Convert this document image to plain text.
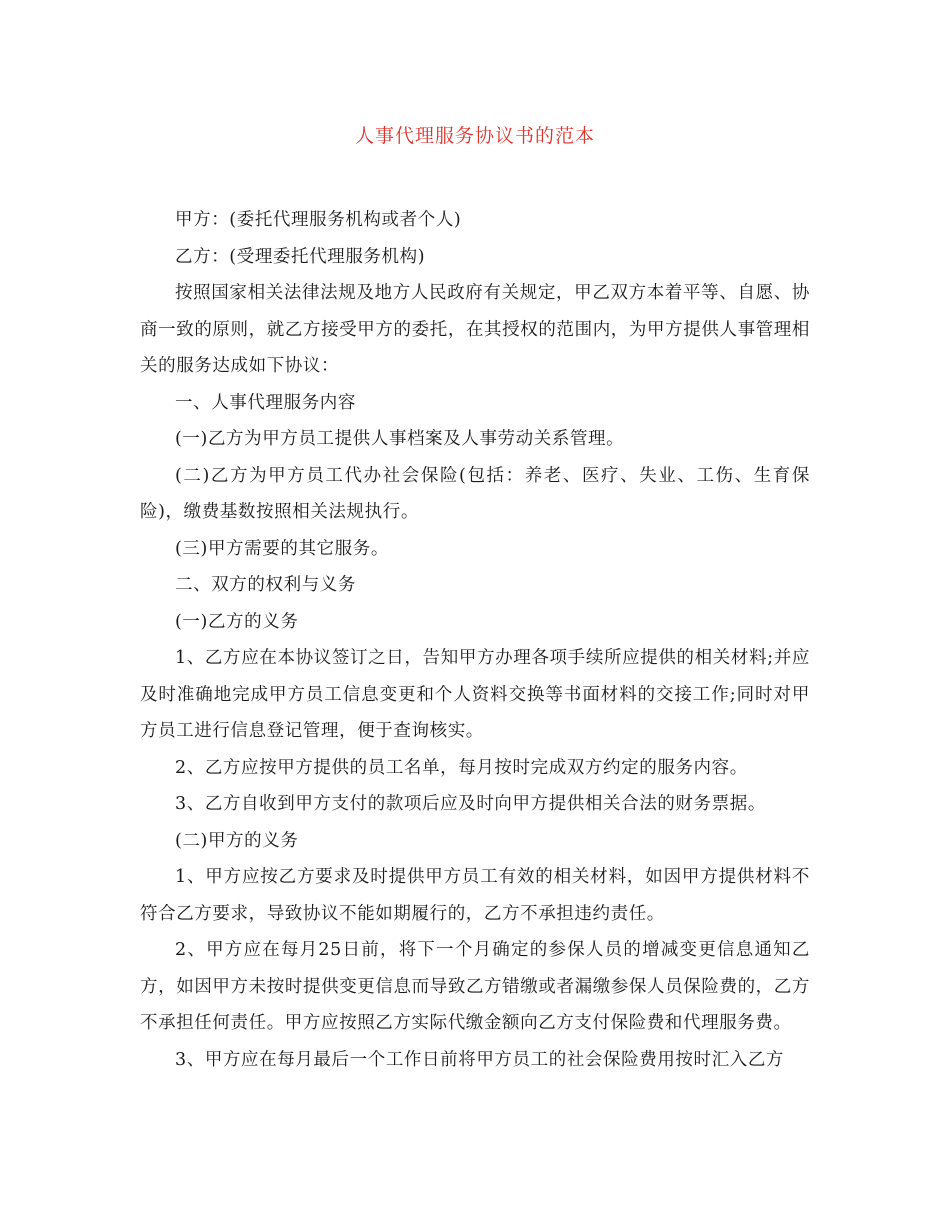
人事代理服务协议书的范本

甲方：(委托代理服务机构或者个人)

乙方：(受理委托代理服务机构)

按照国家相关法律法规及地方人民政府有关规定，甲乙双方本着平等、自愿、协商一致的原则，就乙方接受甲方的委托，在其授权的范围内，为甲方提供人事管理相关的服务达成如下协议：

一、人事代理服务内容

(一)乙方为甲方员工提供人事档案及人事劳动关系管理。

(二)乙方为甲方员工代办社会保险(包括：养老、医疗、失业、工伤、生育保险)，缴费基数按照相关法规执行。

(三)甲方需要的其它服务。

二、双方的权利与义务

(一)乙方的义务

1、乙方应在本协议签订之日，告知甲方办理各项手续所应提供的相关材料;并应及时准确地完成甲方员工信息变更和个人资料交换等书面材料的交接工作;同时对甲方员工进行信息登记管理，便于查询核实。

2、乙方应按甲方提供的员工名单，每月按时完成双方约定的服务内容。

3、乙方自收到甲方支付的款项后应及时向甲方提供相关合法的财务票据。

(二)甲方的义务

1、甲方应按乙方要求及时提供甲方员工有效的相关材料，如因甲方提供材料不符合乙方要求，导致协议不能如期履行的，乙方不承担违约责任。

2、甲方应在每月25日前，将下一个月确定的参保人员的增减变更信息通知乙方，如因甲方未按时提供变更信息而导致乙方错缴或者漏缴参保人员保险费的，乙方不承担任何责任。甲方应按照乙方实际代缴金额向乙方支付保险费和代理服务费。

3、甲方应在每月最后一个工作日前将甲方员工的社会保险费用按时汇入乙方
